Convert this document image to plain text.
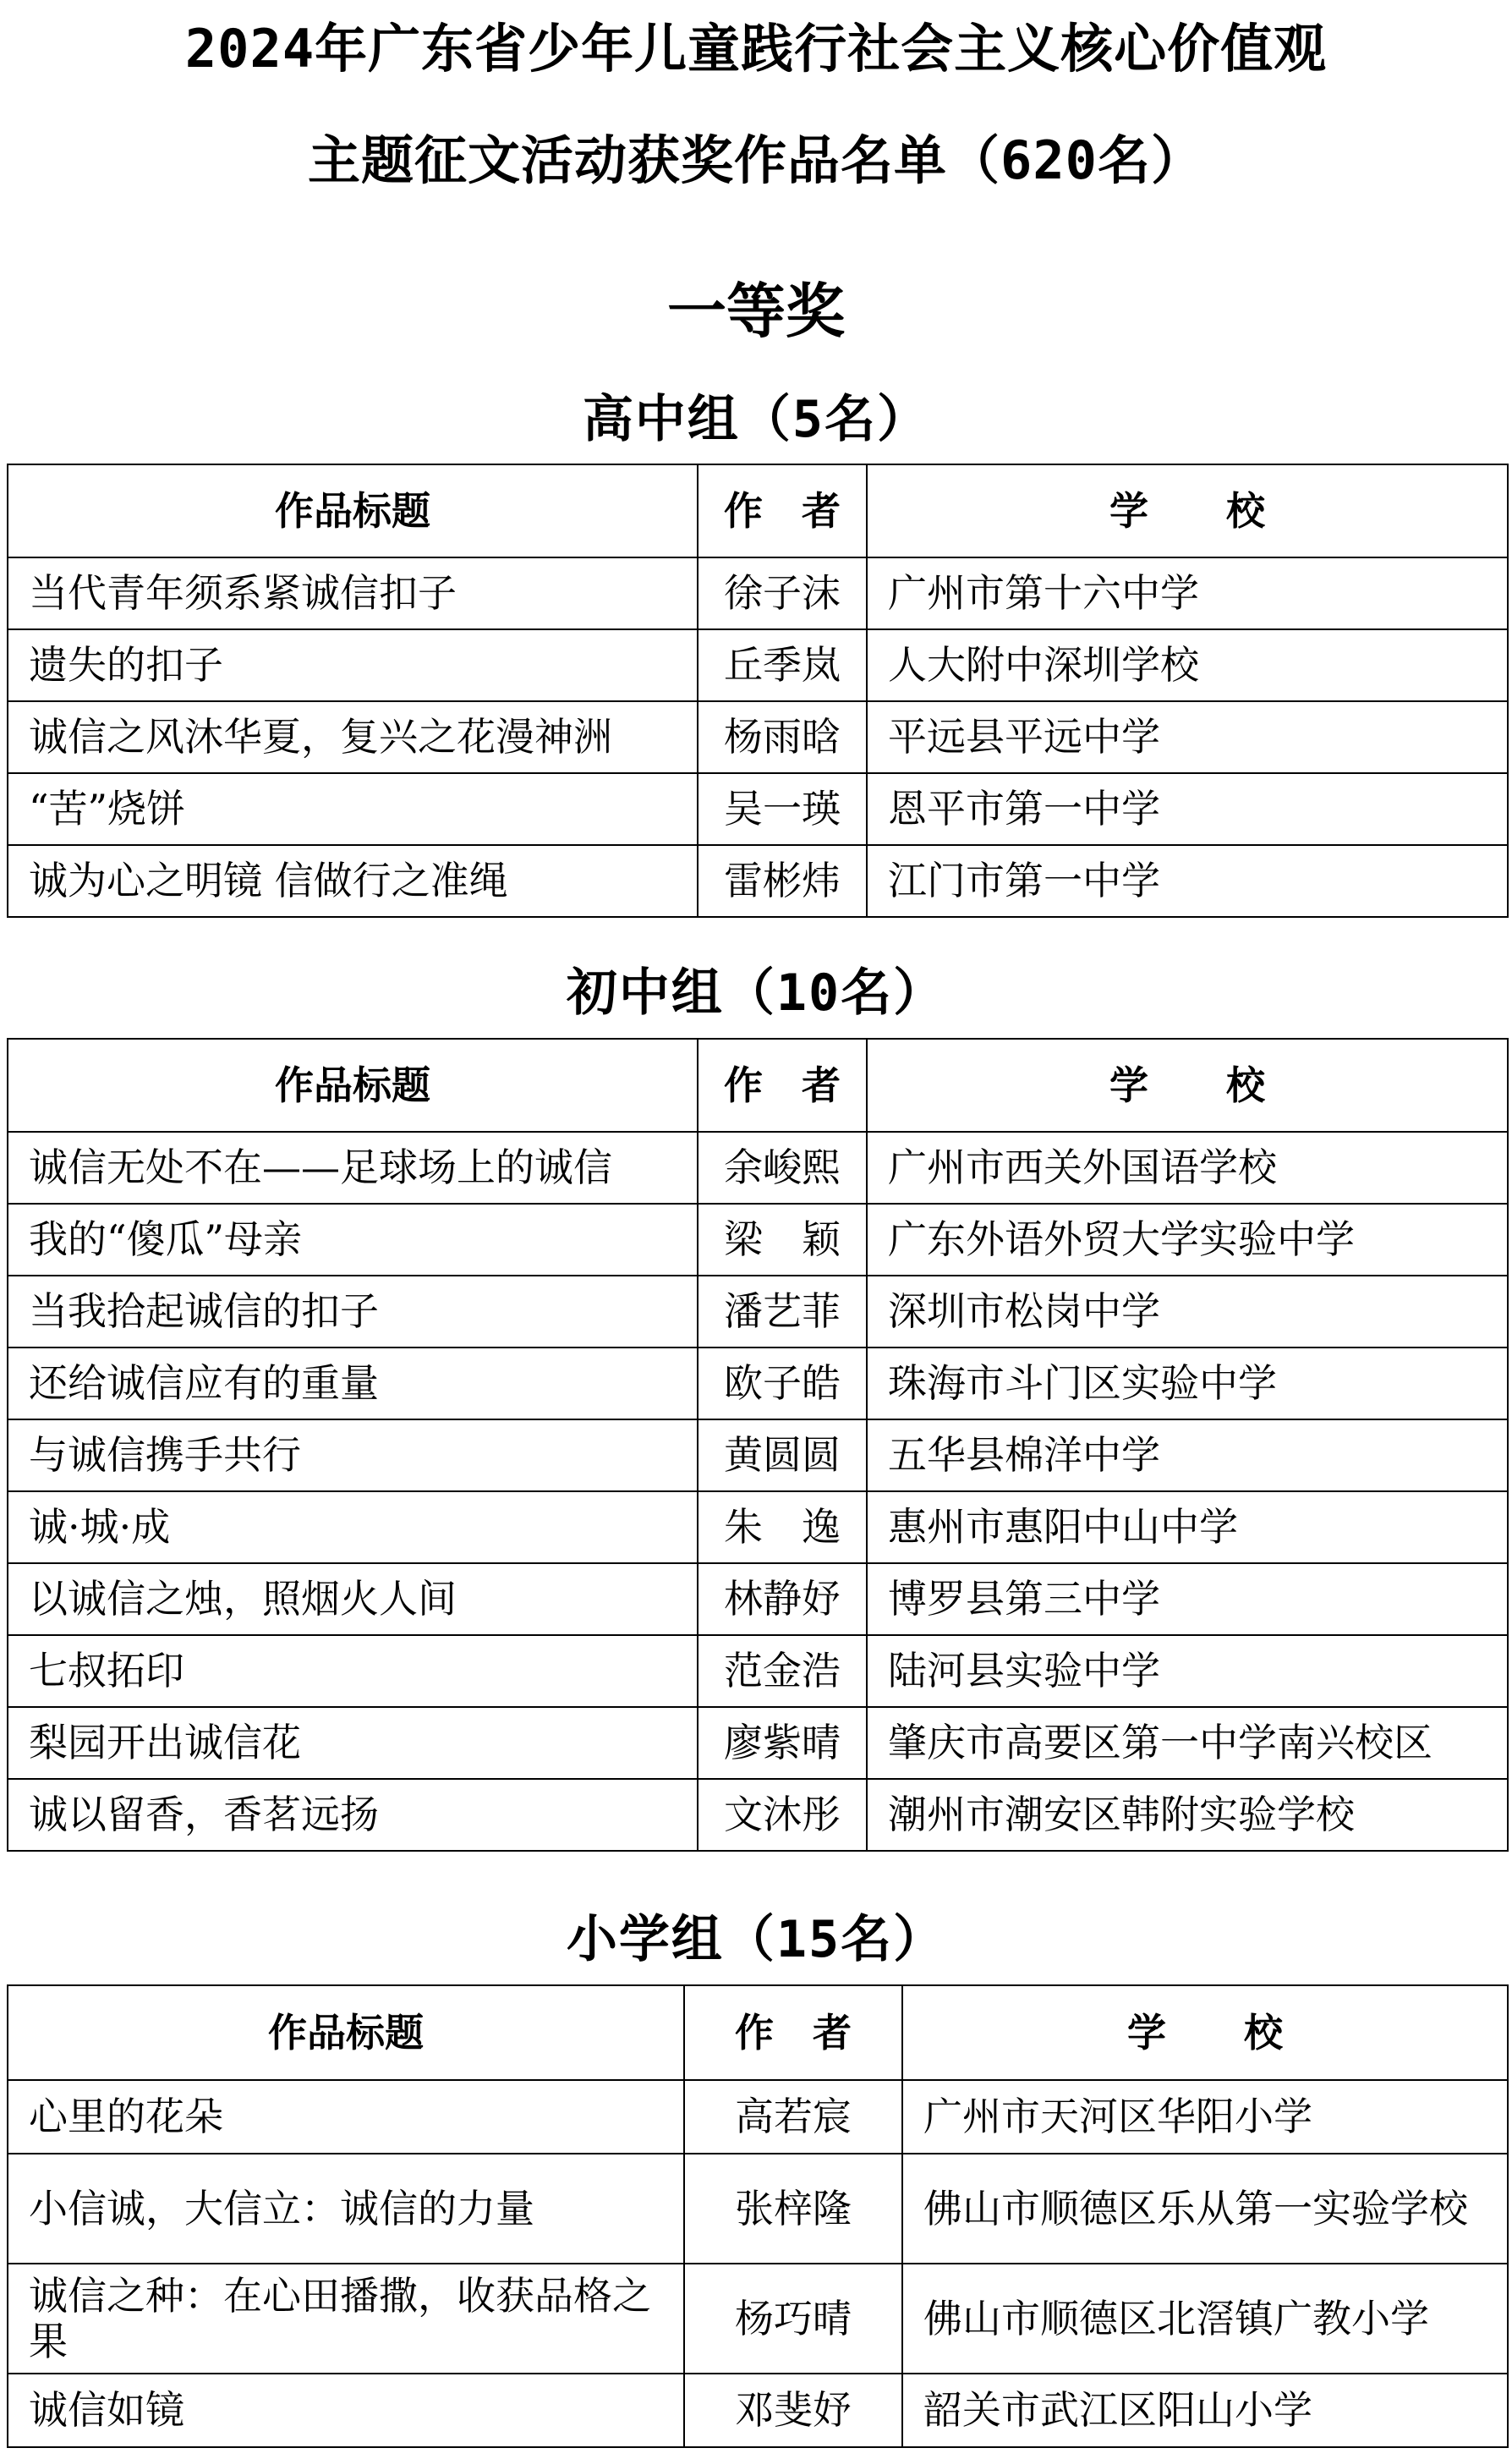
2024年广东省少年儿童践行社会主义核心价值观
主题征文活动获奖作品名单（620名）
一等奖
高中组（5名）
作品标题	作　者	学　　校
当代青年须系紧诚信扣子	徐子沫	广州市第十六中学
遗失的扣子	丘季岚	人大附中深圳学校
诚信之风沐华夏，复兴之花漫神洲	杨雨晗	平远县平远中学
“苦”烧饼	吴一瑛	恩平市第一中学
诚为心之明镜 信做行之准绳	雷彬炜	江门市第一中学
初中组（10名）
作品标题	作　者	学　　校
诚信无处不在——足球场上的诚信	余峻熙	广州市西关外国语学校
我的“傻瓜”母亲	梁　颖	广东外语外贸大学实验中学
当我拾起诚信的扣子	潘艺菲	深圳市松岗中学
还给诚信应有的重量	欧子皓	珠海市斗门区实验中学
与诚信携手共行	黄圆圆	五华县棉洋中学
诚·城·成	朱　逸	惠州市惠阳中山中学
以诚信之烛，照烟火人间	林静妤	博罗县第三中学
七叔拓印	范金浩	陆河县实验中学
梨园开出诚信花	廖紫晴	肇庆市高要区第一中学南兴校区
诚以留香，香茗远扬	文沐彤	潮州市潮安区韩附实验学校
小学组（15名）
作品标题	作　者	学　　校
心里的花朵	高若宸	广州市天河区华阳小学
小信诚，大信立：诚信的力量	张梓隆	佛山市顺德区乐从第一实验学校
诚信之种：在心田播撒，收获品格之果	杨巧晴	佛山市顺德区北滘镇广教小学
诚信如镜	邓斐妤	韶关市武江区阳山小学
